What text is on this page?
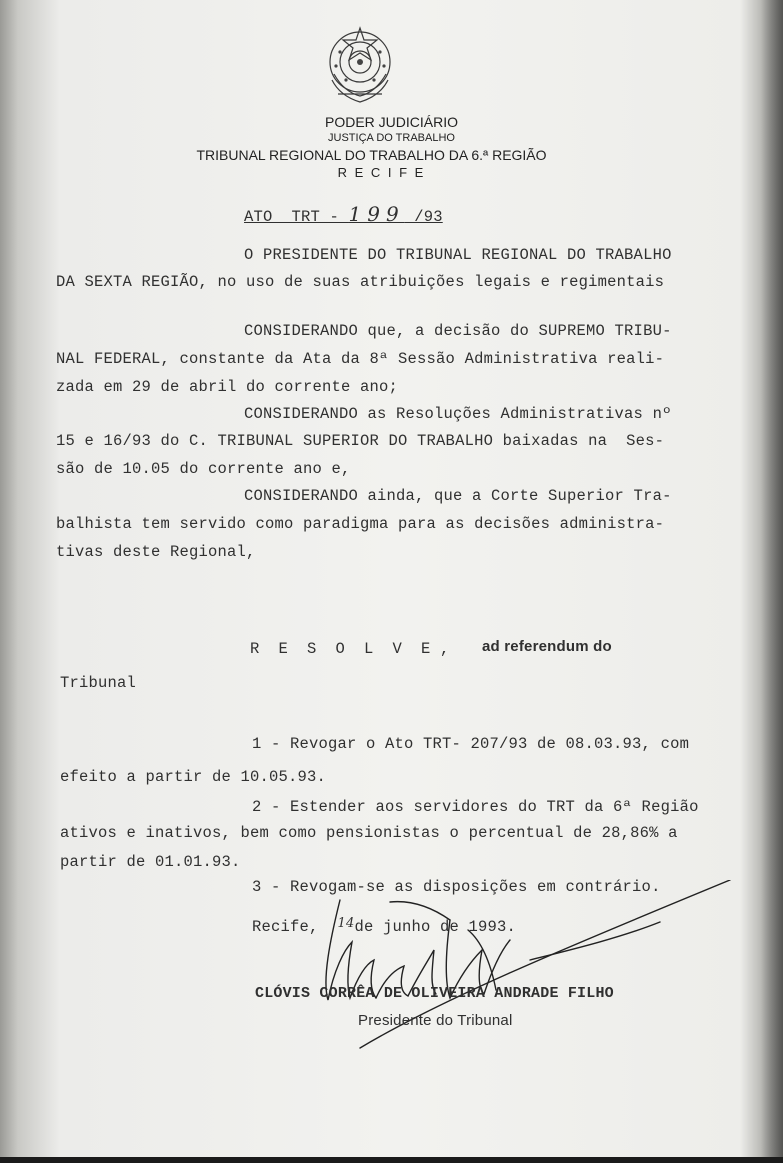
PODER JUDICIÁRIO
JUSTIÇA DO TRABALHO
TRIBUNAL REGIONAL DO TRABALHO DA 6.ª REGIÃO
R E C I F E
ATO  TRT - 199 /93
O PRESIDENTE DO TRIBUNAL REGIONAL DO TRABALHO
DA SEXTA REGIÃO, no uso de suas atribuições legais e regimentais
CONSIDERANDO que, a decisão do SUPREMO TRIBU-
NAL FEDERAL, constante da Ata da 8ª Sessão Administrativa reali-
zada em 29 de abril do corrente ano;
CONSIDERANDO as Resoluções Administrativas nº
15 e 16/93 do C. TRIBUNAL SUPERIOR DO TRABALHO baixadas na  Ses-
são de 10.05 do corrente ano e,
CONSIDERANDO ainda, que a Corte Superior Tra-
balhista tem servido como paradigma para as decisões administra-
tivas deste Regional,
R  E  S  O  L  V  E , ad referendum do
Tribunal
1 - Revogar o Ato TRT- 207/93 de 08.03.93, com
efeito a partir de 10.05.93.
2 - Estender aos servidores do TRT da 6ª Região
ativos e inativos, bem como pensionistas o percentual de 28,86% a
partir de 01.01.93.
3 - Revogam-se as disposições em contrário.
Recife, $^{14}$de junho de 1993.
CLÓVIS CORRÊA DE OLIVEIRA ANDRADE FILHO
Presidente do Tribunal
